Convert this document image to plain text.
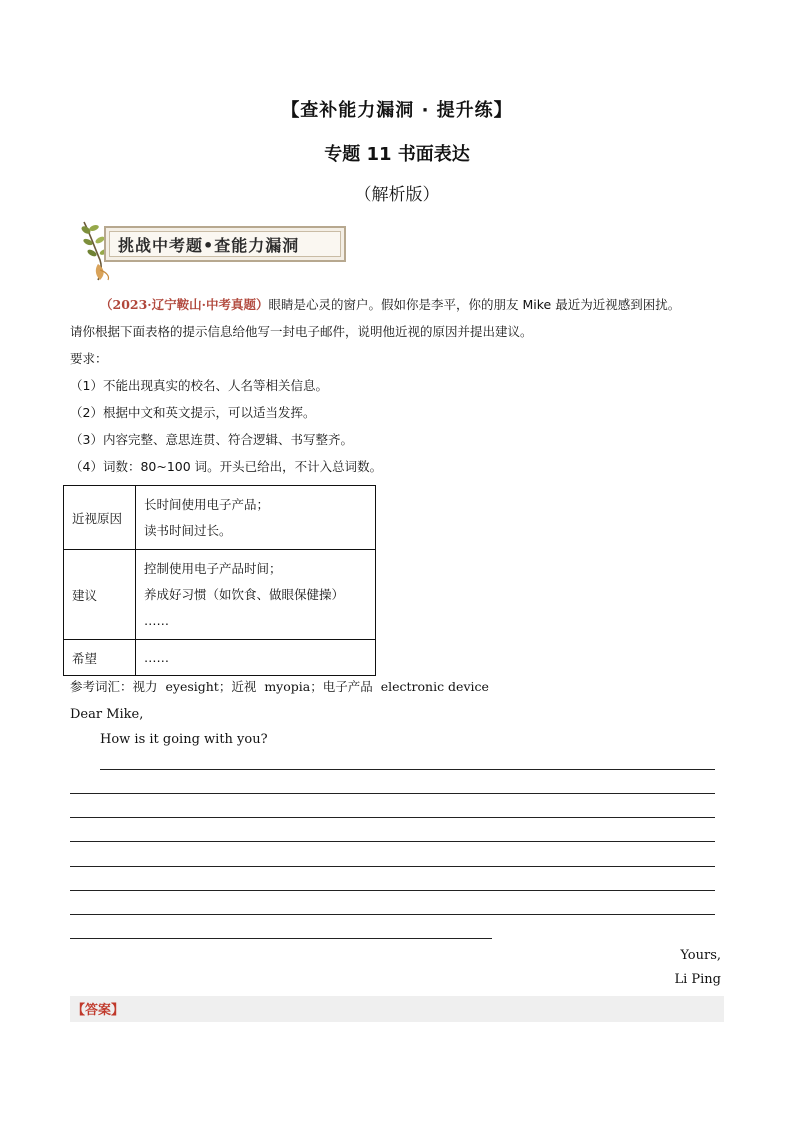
【查补能力漏洞 · 提升练】
专题 11 书面表达
（解析版）
挑战中考题•查能力漏洞
（2023·辽宁鞍山·中考真题）眼睛是心灵的窗户。假如你是李平，你的朋友 Mike 最近为近视感到困扰。
请你根据下面表格的提示信息给他写一封电子邮件，说明他近视的原因并提出建议。
要求：
（1）不能出现真实的校名、人名等相关信息。
（2）根据中文和英文提示，可以适当发挥。
（3）内容完整、意思连贯、符合逻辑、书写整齐。
（4）词数：80~100 词。开头已给出，不计入总词数。
近视原因	长时间使用电子产品；
读书时间过长。

建议	控制使用电子产品时间；
养成好习惯（如饮食、做眼保健操）
……

希望	……
参考词汇：视力 eyesight；近视 myopia；电子产品 electronic device
Dear Mike,
How is it going with you?
Yours,
Li Ping
【答案】
